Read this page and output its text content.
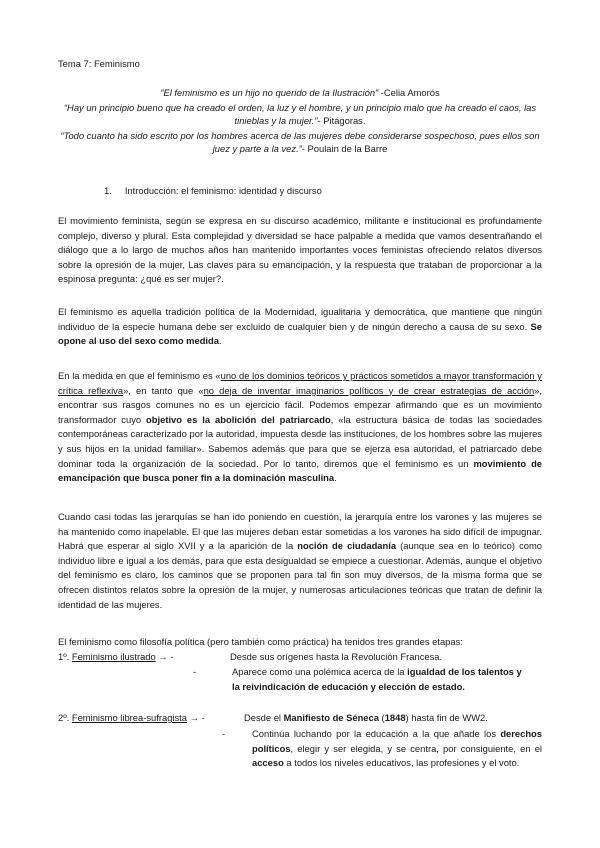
Tema 7: Feminismo

“El feminismo es un hijo no querido de la Ilustración” -Celia Amorós

“Hay un principio bueno que ha creado el orden, la luz y el hombre, y un principio malo que ha creado el caos, las tinieblas y la mujer.”- Pitágoras.

“Todo cuanto ha sido escrito por los hombres acerca de las mujeres debe considerarse sospechoso, pues ellos son juez y parte a la vez.”- Poulain de la Barre

1.     Introducción: el feminismo: identidad y discurso

El movimiento feminista, según se expresa en su discurso académico, militante e institucional es profundamente complejo, diverso y plural. Esta complejidad y diversidad se hace palpable a medida que vamos desentrañando el diálogo que a lo largo de muchos años han mantenido importantes voces feministas ofreciendo relatos diversos sobre la opresión de la mujer, Las claves para su emancipación, y la respuesta que trataban de proporcionar a la espinosa pregunta: ¿qué es ser mujer?.

El feminismo es aquella tradición política de la Modernidad, igualitaria y democrática, que mantiene que ningún individuo de la especie humana debe ser excluido de cualquier bien y de ningún derecho a causa de su sexo. Se opone al uso del sexo como medida.

En la medida en que el feminismo es «uno de los dominios teóricos y prácticos sometidos a mayor transformación y crítica reflexiva», en tanto que «no deja de inventar imaginarios políticos y de crear estrategias de acción», encontrar sus rasgos comunes no es un ejercicio fácil. Podemos empezar afirmando que es un movimiento transformador cuyo objetivo es la abolición del patriarcado, «la estructura básica de todas las sociedades contemporáneas caracterizado por la autoridad, impuesta desde las instituciones, de los hombres sobre las mujeres y sus hijos en la unidad familiar». Sabemos además que para que se ejerza esa autoridad, el patriarcado debe dominar toda la organización de la sociedad. Por lo tanto, diremos que el feminismo es un movimiento de emancipación que busca poner fin a la dominación masculina.

Cuando casi todas las jerarquías se han ido poniendo en cuestión, la jerarquía entre los varones y las mujeres se ha mantenido como inapelable. El que las mujeres deban estar sometidas a los varones ha sido difícil de impugnar. Habrá que esperar al siglo XVII y a la aparición de la noción de ciudadanía (aunque sea en lo teórico) como individuo libre e igual a los demás, para que esta desigualdad se empiece a cuestionar. Además, aunque el objetivo del feminismo es claro, los caminos que se proponen para tal fin son muy diversos, de la misma forma que se ofrecen distintos relatos sobre la opresión de la mujer, y numerosas articulaciones teóricas que tratan de definir la identidad de las mujeres.

El feminismo como filosofía política (pero también como práctica) ha tenidos tres grandes etapas:
1º. Feminismo ilustrado → -	Desde sus orígenes hasta la Revolución Francesa.
-	Aparece como una polémica acerca de la igualdad de los talentos y la reivindicación de educación y elección de estado.
2º. Feminismo librea-sufragista → -	Desde el Manifiesto de Séneca (1848) hasta fin de WW2.
-	Continúa luchando por la educación a la que añade los derechos políticos, elegir y ser elegida, y se centra, por consiguiente, en el acceso a todos los niveles educativos, las profesiones y el voto.
